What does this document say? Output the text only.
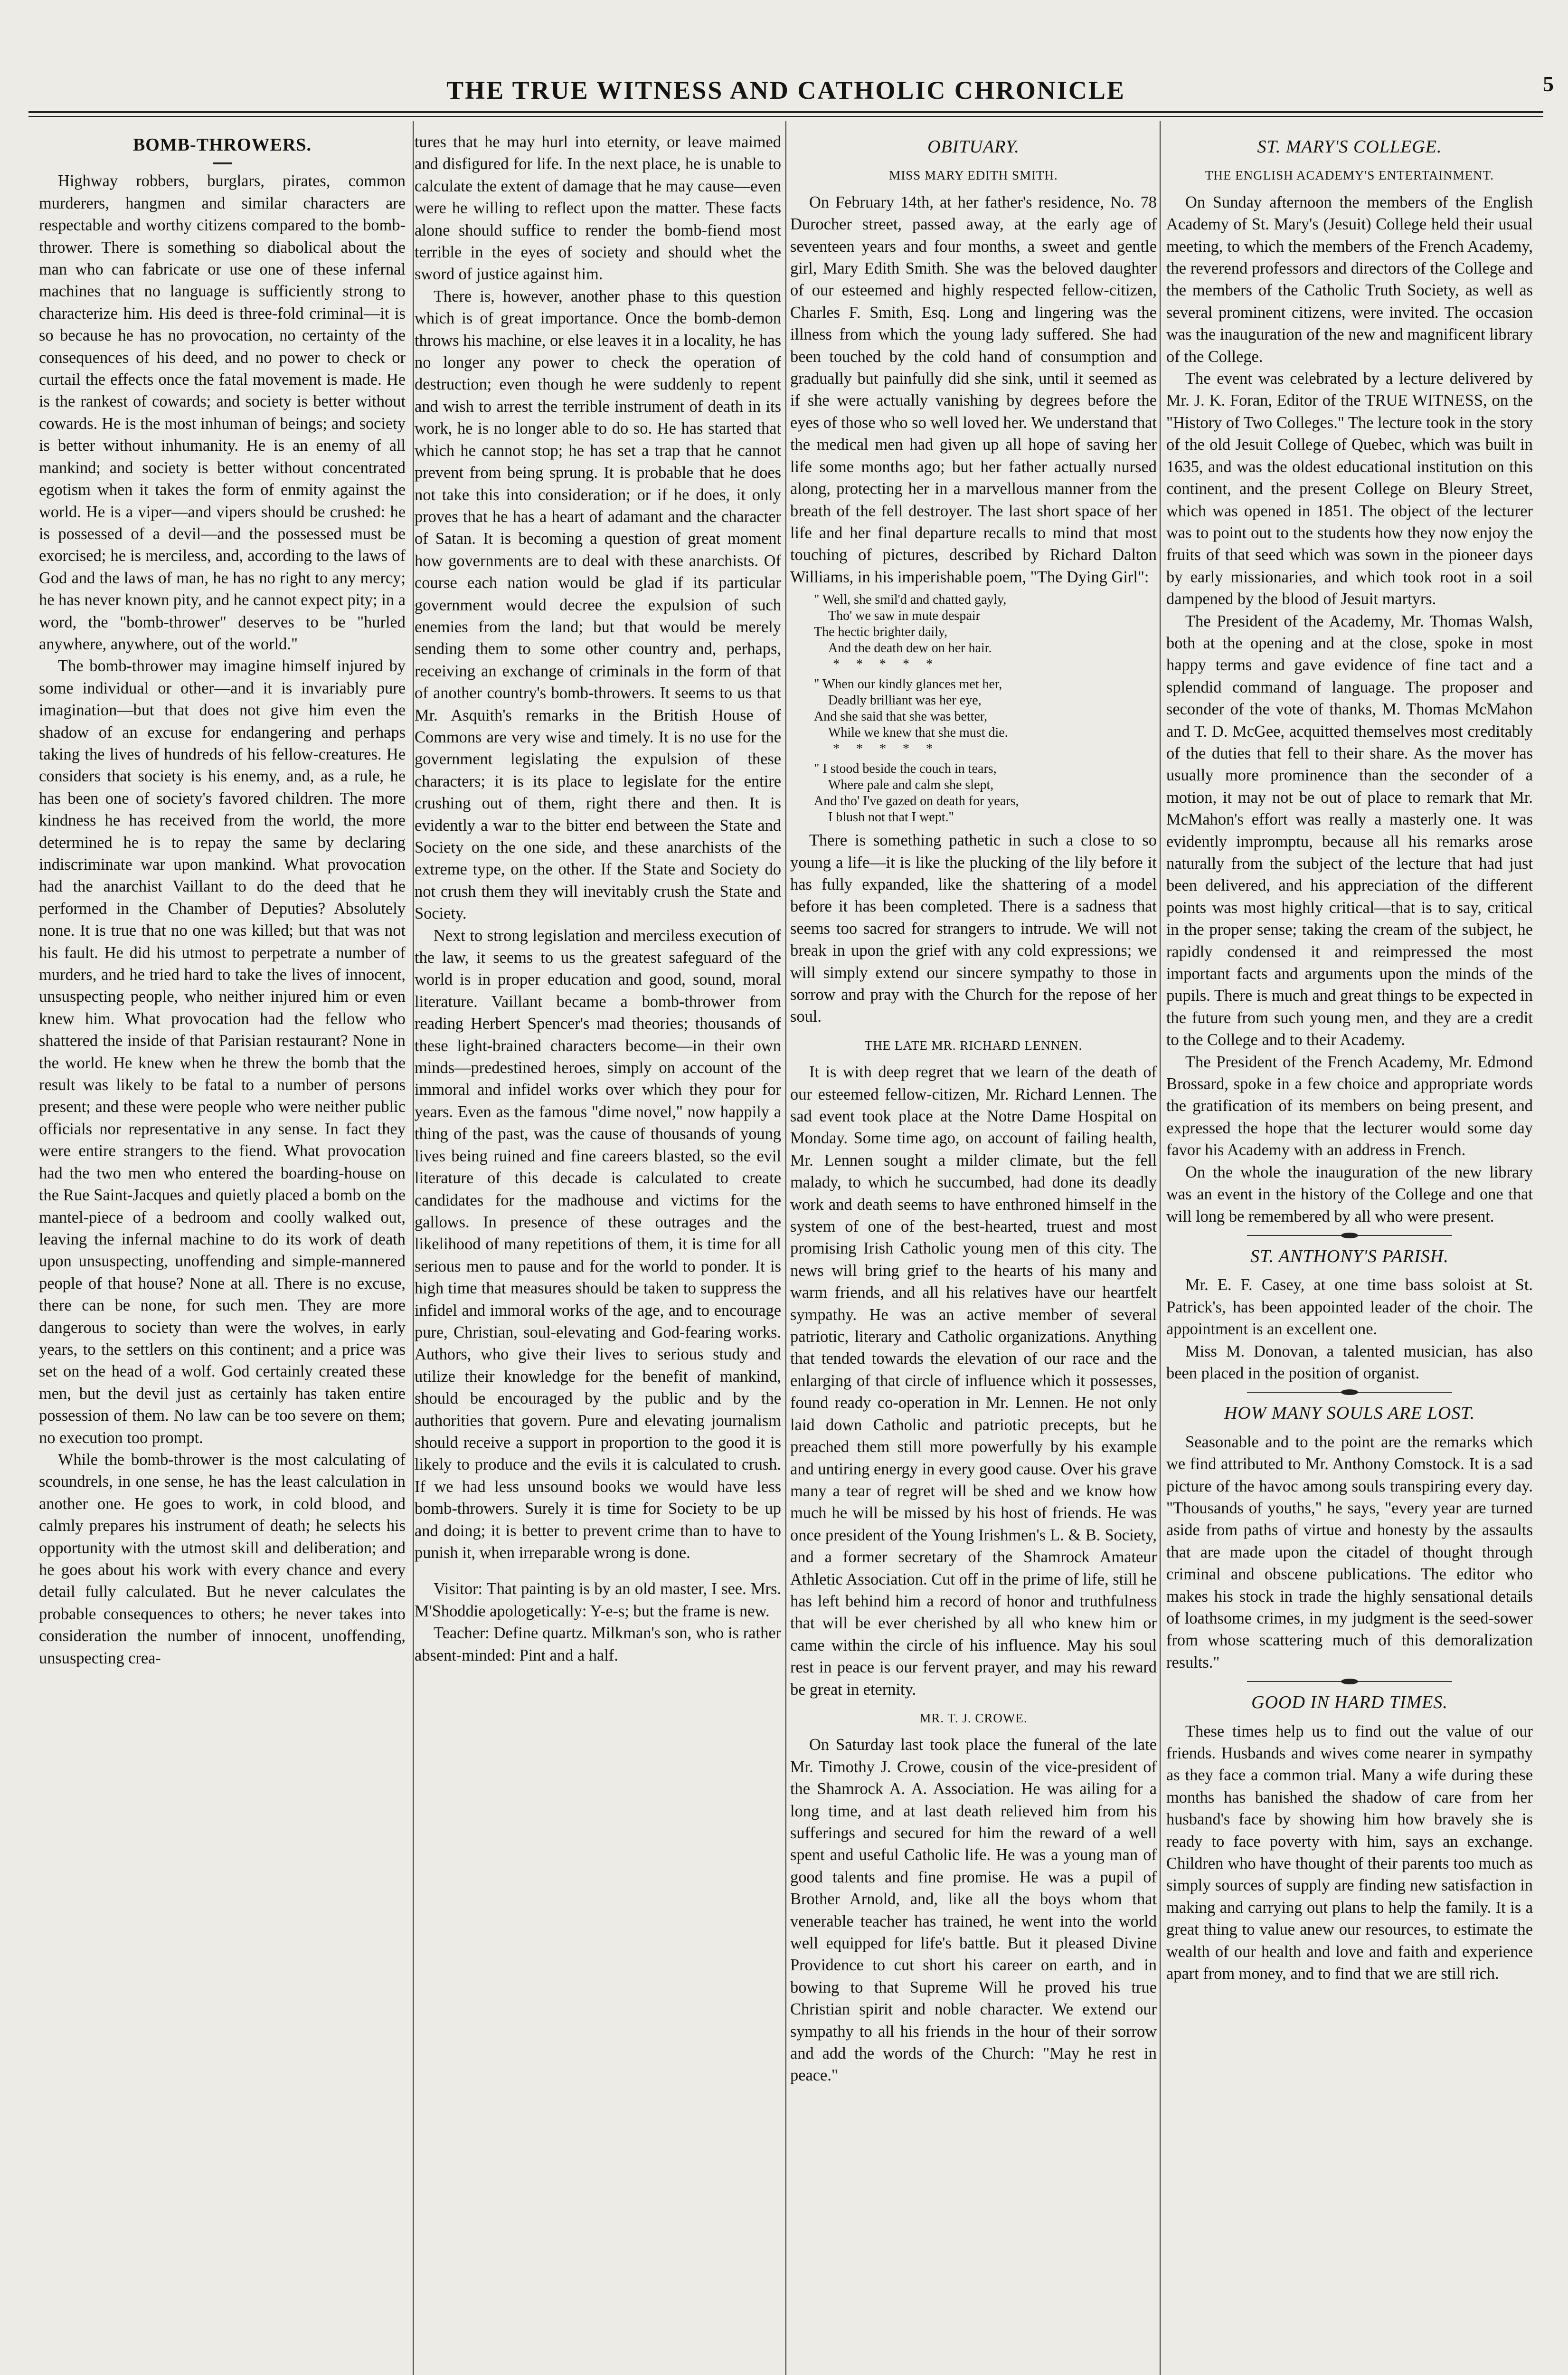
THE TRUE WITNESS AND CATHOLIC CHRONICLE	5
BOMB-THROWERS.

Highway robbers, burglars, pirates, common murderers, hangmen and similar characters are respectable and worthy citizens compared to the bomb-thrower. There is something so diabolical about the man who can fabricate or use one of these infernal machines that no language is sufficiently strong to characterize him. His deed is three-fold criminal—it is so because he has no provocation, no certainty of the consequences of his deed, and no power to check or curtail the effects once the fatal movement is made. He is the rankest of cowards; and society is better without cowards. He is the most inhuman of beings; and society is better without inhumanity. He is an enemy of all mankind; and society is better without concentrated egotism when it takes the form of enmity against the world. He is a viper—and vipers should be crushed: he is possessed of a devil—and the possessed must be exorcised; he is merciless, and, according to the laws of God and the laws of man, he has no right to any mercy; he has never known pity, and he cannot expect pity; in a word, the "bomb-thrower" deserves to be "hurled anywhere, anywhere, out of the world."

The bomb-thrower may imagine himself injured by some individual or other—and it is invariably pure imagination—but that does not give him even the shadow of an excuse for endangering and perhaps taking the lives of hundreds of his fellow-creatures. He considers that society is his enemy, and, as a rule, he has been one of society's favored children. The more kindness he has received from the world, the more determined he is to repay the same by declaring indiscriminate war upon mankind. What provocation had the anarchist Vaillant to do the deed that he performed in the Chamber of Deputies? Absolutely none. It is true that no one was killed; but that was not his fault. He did his utmost to perpetrate a number of murders, and he tried hard to take the lives of innocent, unsuspecting people, who neither injured him or even knew him. What provocation had the fellow who shattered the inside of that Parisian restaurant? None in the world. He knew when he threw the bomb that the result was likely to be fatal to a number of persons present; and these were people who were neither public officials nor representative in any sense. In fact they were entire strangers to the fiend. What provocation had the two men who entered the boarding-house on the Rue Saint-Jacques and quietly placed a bomb on the mantel-piece of a bedroom and coolly walked out, leaving the infernal machine to do its work of death upon unsuspecting, unoffending and simple-mannered people of that house? None at all. There is no excuse, there can be none, for such men. They are more dangerous to society than were the wolves, in early years, to the settlers on this continent; and a price was set on the head of a wolf. God certainly created these men, but the devil just as certainly has taken entire possession of them. No law can be too severe on them; no execution too prompt.

While the bomb-thrower is the most calculating of scoundrels, in one sense, he has the least calculation in another one. He goes to work, in cold blood, and calmly prepares his instrument of death; he selects his opportunity with the utmost skill and deliberation; and he goes about his work with every chance and every detail fully calculated. But he never calculates the probable consequences to others; he never takes into consideration the number of innocent, unoffending, unsuspecting crea-

tures that he may hurl into eternity, or leave maimed and disfigured for life. In the next place, he is unable to calculate the extent of damage that he may cause—even were he willing to reflect upon the matter. These facts alone should suffice to render the bomb-fiend most terrible in the eyes of society and should whet the sword of justice against him.

There is, however, another phase to this question which is of great importance. Once the bomb-demon throws his machine, or else leaves it in a locality, he has no longer any power to check the operation of destruction; even though he were suddenly to repent and wish to arrest the terrible instrument of death in its work, he is no longer able to do so. He has started that which he cannot stop; he has set a trap that he cannot prevent from being sprung. It is probable that he does not take this into consideration; or if he does, it only proves that he has a heart of adamant and the character of Satan. It is becoming a question of great moment how governments are to deal with these anarchists. Of course each nation would be glad if its particular government would decree the expulsion of such enemies from the land; but that would be merely sending them to some other country and, perhaps, receiving an exchange of criminals in the form of that of another country's bomb-throwers. It seems to us that Mr. Asquith's remarks in the British House of Commons are very wise and timely. It is no use for the government legislating the expulsion of these characters; it is its place to legislate for the entire crushing out of them, right there and then. It is evidently a war to the bitter end between the State and Society on the one side, and these anarchists of the extreme type, on the other. If the State and Society do not crush them they will inevitably crush the State and Society.

Next to strong legislation and merciless execution of the law, it seems to us the greatest safeguard of the world is in proper education and good, sound, moral literature. Vaillant became a bomb-thrower from reading Herbert Spencer's mad theories; thousands of these light-brained characters become—in their own minds—predestined heroes, simply on account of the immoral and infidel works over which they pour for years. Even as the famous "dime novel," now happily a thing of the past, was the cause of thousands of young lives being ruined and fine careers blasted, so the evil literature of this decade is calculated to create candidates for the madhouse and victims for the gallows. In presence of these outrages and the likelihood of many repetitions of them, it is time for all serious men to pause and for the world to ponder. It is high time that measures should be taken to suppress the infidel and immoral works of the age, and to encourage pure, Christian, soul-elevating and God-fearing works. Authors, who give their lives to serious study and utilize their knowledge for the benefit of mankind, should be encouraged by the public and by the authorities that govern. Pure and elevating journalism should receive a support in proportion to the good it is likely to produce and the evils it is calculated to crush. If we had less unsound books we would have less bomb-throwers. Surely it is time for Society to be up and doing; it is better to prevent crime than to have to punish it, when irreparable wrong is done.

Visitor: That painting is by an old master, I see. Mrs. M'Shoddie apologetically: Y-e-s; but the frame is new.

Teacher: Define quartz. Milkman's son, who is rather absent-minded: Pint and a half.

OBITUARY.
MISS MARY EDITH SMITH.

On February 14th, at her father's residence, No. 78 Durocher street, passed away, at the early age of seventeen years and four months, a sweet and gentle girl, Mary Edith Smith. She was the beloved daughter of our esteemed and highly respected fellow-citizen, Charles F. Smith, Esq. Long and lingering was the illness from which the young lady suffered. She had been touched by the cold hand of consumption and gradually but painfully did she sink, until it seemed as if she were actually vanishing by degrees before the eyes of those who so well loved her. We understand that the medical men had given up all hope of saving her life some months ago; but her father actually nursed along, protecting her in a marvellous manner from the breath of the fell destroyer. The last short space of her life and her final departure recalls to mind that most touching of pictures, described by Richard Dalton Williams, in his imperishable poem, "The Dying Girl":

" Well, she smil'd and chatted gayly,
Tho' we saw in mute despair
The hectic brighter daily,
And the death dew on her hair.
* * * * *
" When our kindly glances met her,
Deadly brilliant was her eye,
And she said that she was better,
While we knew that she must die.
* * * * *
" I stood beside the couch in tears,
Where pale and calm she slept,
And tho' I've gazed on death for years,
I blush not that I wept."

There is something pathetic in such a close to so young a life—it is like the plucking of the lily before it has fully expanded, like the shattering of a model before it has been completed. There is a sadness that seems too sacred for strangers to intrude. We will not break in upon the grief with any cold expressions; we will simply extend our sincere sympathy to those in sorrow and pray with the Church for the repose of her soul.

THE LATE MR. RICHARD LENNEN.

It is with deep regret that we learn of the death of our esteemed fellow-citizen, Mr. Richard Lennen. The sad event took place at the Notre Dame Hospital on Monday. Some time ago, on account of failing health, Mr. Lennen sought a milder climate, but the fell malady, to which he succumbed, had done its deadly work and death seems to have enthroned himself in the system of one of the best-hearted, truest and most promising Irish Catholic young men of this city. The news will bring grief to the hearts of his many and warm friends, and all his relatives have our heartfelt sympathy. He was an active member of several patriotic, literary and Catholic organizations. Anything that tended towards the elevation of our race and the enlarging of that circle of influence which it possesses, found ready co-operation in Mr. Lennen. He not only laid down Catholic and patriotic precepts, but he preached them still more powerfully by his example and untiring energy in every good cause. Over his grave many a tear of regret will be shed and we know how much he will be missed by his host of friends. He was once president of the Young Irishmen's L. & B. Society, and a former secretary of the Shamrock Amateur Athletic Association. Cut off in the prime of life, still he has left behind him a record of honor and truthfulness that will be ever cherished by all who knew him or came within the circle of his influence. May his soul rest in peace is our fervent prayer, and may his reward be great in eternity.

MR. T. J. CROWE.

On Saturday last took place the funeral of the late Mr. Timothy J. Crowe, cousin of the vice-president of the Shamrock A. A. Association. He was ailing for a long time, and at last death relieved him from his sufferings and secured for him the reward of a well spent and useful Catholic life. He was a young man of good talents and fine promise. He was a pupil of Brother Arnold, and, like all the boys whom that venerable teacher has trained, he went into the world well equipped for life's battle. But it pleased Divine Providence to cut short his career on earth, and in bowing to that Supreme Will he proved his true Christian spirit and noble character. We extend our sympathy to all his friends in the hour of their sorrow and add the words of the Church: "May he rest in peace."

ST. MARY'S COLLEGE.
THE ENGLISH ACADEMY'S ENTERTAINMENT.

On Sunday afternoon the members of the English Academy of St. Mary's (Jesuit) College held their usual meeting, to which the members of the French Academy, the reverend professors and directors of the College and the members of the Catholic Truth Society, as well as several prominent citizens, were invited. The occasion was the inauguration of the new and magnificent library of the College.

The event was celebrated by a lecture delivered by Mr. J. K. Foran, Editor of the TRUE WITNESS, on the "History of Two Colleges." The lecture took in the story of the old Jesuit College of Quebec, which was built in 1635, and was the oldest educational institution on this continent, and the present College on Bleury Street, which was opened in 1851. The object of the lecturer was to point out to the students how they now enjoy the fruits of that seed which was sown in the pioneer days by early missionaries, and which took root in a soil dampened by the blood of Jesuit martyrs.

The President of the Academy, Mr. Thomas Walsh, both at the opening and at the close, spoke in most happy terms and gave evidence of fine tact and a splendid command of language. The proposer and seconder of the vote of thanks, M. Thomas McMahon and T. D. McGee, acquitted themselves most creditably of the duties that fell to their share. As the mover has usually more prominence than the seconder of a motion, it may not be out of place to remark that Mr. McMahon's effort was really a masterly one. It was evidently impromptu, because all his remarks arose naturally from the subject of the lecture that had just been delivered, and his appreciation of the different points was most highly critical—that is to say, critical in the proper sense; taking the cream of the subject, he rapidly condensed it and reimpressed the most important facts and arguments upon the minds of the pupils. There is much and great things to be expected in the future from such young men, and they are a credit to the College and to their Academy.

The President of the French Academy, Mr. Edmond Brossard, spoke in a few choice and appropriate words the gratification of its members on being present, and expressed the hope that the lecturer would some day favor his Academy with an address in French.

On the whole the inauguration of the new library was an event in the history of the College and one that will long be remembered by all who were present.

ST. ANTHONY'S PARISH.

Mr. E. F. Casey, at one time bass soloist at St. Patrick's, has been appointed leader of the choir. The appointment is an excellent one.

Miss M. Donovan, a talented musician, has also been placed in the position of organist.

HOW MANY SOULS ARE LOST.

Seasonable and to the point are the remarks which we find attributed to Mr. Anthony Comstock. It is a sad picture of the havoc among souls transpiring every day. "Thousands of youths," he says, "every year are turned aside from paths of virtue and honesty by the assaults that are made upon the citadel of thought through criminal and obscene publications. The editor who makes his stock in trade the highly sensational details of loathsome crimes, in my judgment is the seed-sower from whose scattering much of this demoralization results."

GOOD IN HARD TIMES.

These times help us to find out the value of our friends. Husbands and wives come nearer in sympathy as they face a common trial. Many a wife during these months has banished the shadow of care from her husband's face by showing him how bravely she is ready to face poverty with him, says an exchange. Children who have thought of their parents too much as simply sources of supply are finding new satisfaction in making and carrying out plans to help the family. It is a great thing to value anew our resources, to estimate the wealth of our health and love and faith and experience apart from money, and to find that we are still rich.
